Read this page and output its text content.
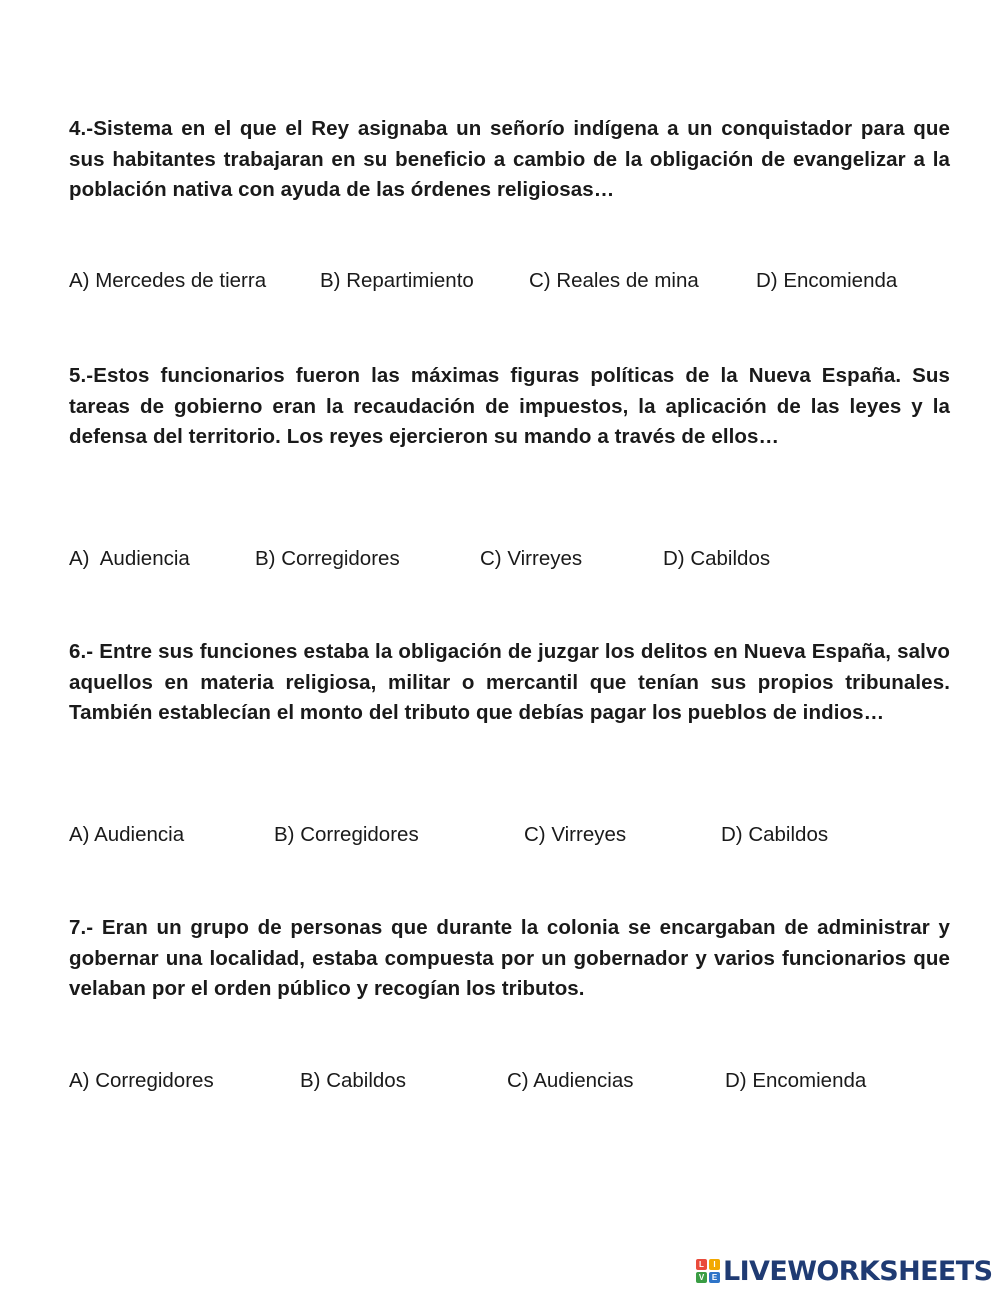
4.-Sistema en el que el Rey asignaba un señorío indígena a un conquistador para que sus habitantes trabajaran en su beneficio a cambio de la obligación de evangelizar a la población nativa con ayuda de las órdenes religiosas…

A) Mercedes de tierra	B) Repartimiento	C) Reales de mina	D) Encomienda

5.-Estos funcionarios fueron las máximas figuras políticas de la Nueva España. Sus tareas de gobierno eran la recaudación de impuestos, la aplicación de las leyes y la defensa del territorio. Los reyes ejercieron su mando a través de ellos…

A)  Audiencia	B) Corregidores	C) Virreyes	D) Cabildos

6.- Entre sus funciones estaba la obligación de juzgar los delitos en Nueva España, salvo aquellos en materia religiosa, militar o mercantil que tenían sus propios tribunales. También establecían el monto del tributo que debías pagar los pueblos de indios…

A) Audiencia	B) Corregidores	C) Virreyes	D) Cabildos

7.- Eran un grupo de personas que durante la colonia se encargaban de administrar y gobernar una localidad, estaba compuesta por un gobernador y varios funcionarios que velaban por el orden público y recogían los tributos.

A) Corregidores	B) Cabildos	C) Audiencias	D) Encomienda
L	I
V E LIVEWORKSHEETS
